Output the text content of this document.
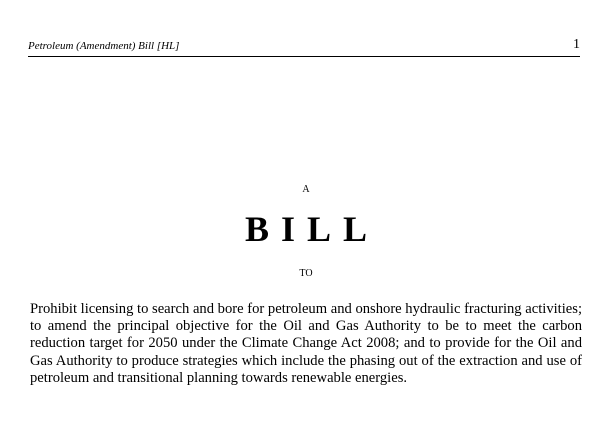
Petroleum (Amendment) Bill [HL]	1
A
BILL
TO

Prohibit licensing to search and bore for petroleum and onshore hydraulic fracturing activities; to amend the principal objective for the Oil and Gas Authority to be to meet the carbon reduction target for 2050 under the Climate Change Act 2008; and to provide for the Oil and Gas Authority to produce strategies which include the phasing out of the extraction and use of petroleum and transitional planning towards renewable energies.
